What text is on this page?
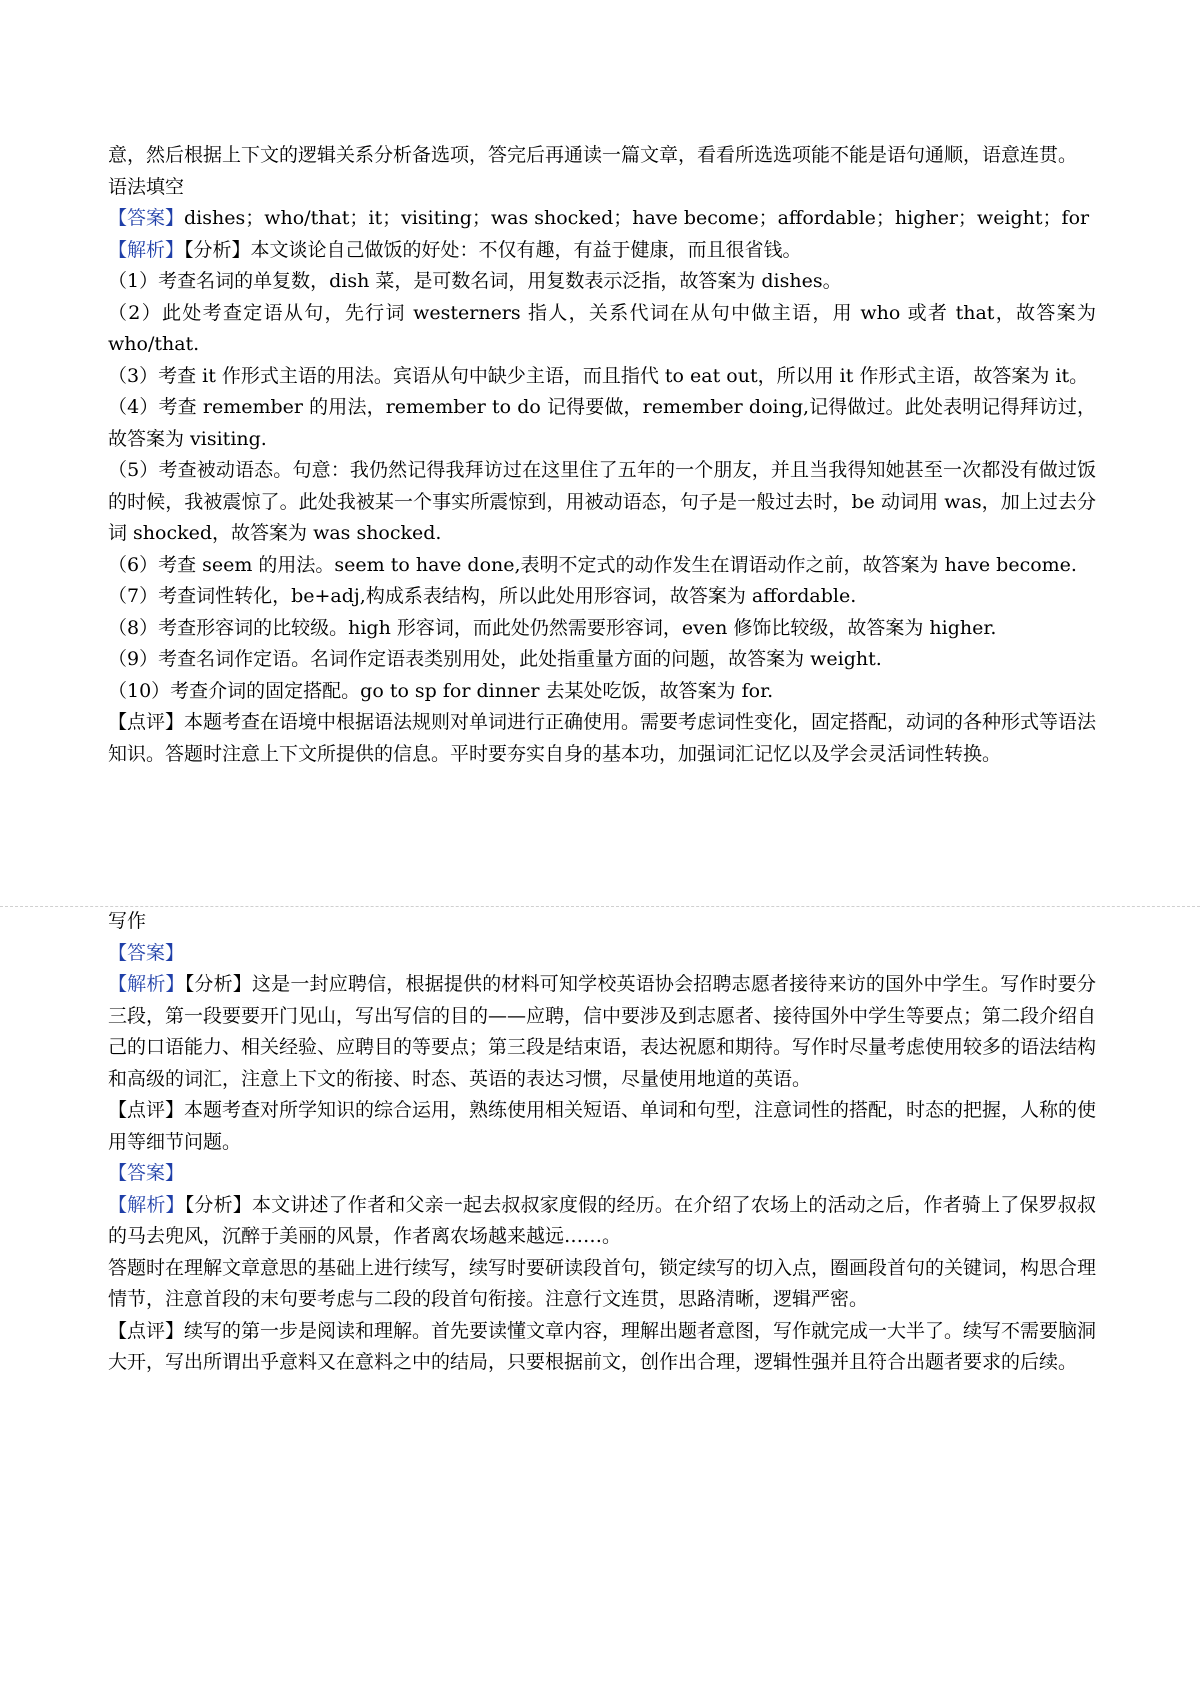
意，然后根据上下文的逻辑关系分析备选项，答完后再通读一篇文章，看看所选选项能不能是语句通顺，语意连贯。

语法填空

【答案】dishes；who/that；it；visiting；was shocked；have become；affordable；higher；weight；for

【解析】【分析】本文谈论自己做饭的好处：不仅有趣，有益于健康，而且很省钱。

（1）考查名词的单复数，dish 菜，是可数名词，用复数表示泛指，故答案为 dishes。

（2）此处考查定语从句，先行词 westerners 指人，关系代词在从句中做主语，用 who 或者 that，故答案为 who/that.

（3）考查 it 作形式主语的用法。宾语从句中缺少主语，而且指代 to eat out，所以用 it 作形式主语，故答案为 it。

（4）考查 remember 的用法，remember to do 记得要做，remember doing,记得做过。此处表明记得拜访过，故答案为 visiting.

（5）考查被动语态。句意：我仍然记得我拜访过在这里住了五年的一个朋友，并且当我得知她甚至一次都没有做过饭的时候，我被震惊了。此处我被某一个事实所震惊到，用被动语态，句子是一般过去时，be 动词用 was，加上过去分词 shocked，故答案为 was shocked.

（6）考查 seem 的用法。seem to have done,表明不定式的动作发生在谓语动作之前，故答案为 have become.

（7）考查词性转化，be+adj,构成系表结构，所以此处用形容词，故答案为 affordable.

（8）考查形容词的比较级。high 形容词，而此处仍然需要形容词，even 修饰比较级，故答案为 higher.

（9）考查名词作定语。名词作定语表类别用处，此处指重量方面的问题，故答案为 weight.

（10）考查介词的固定搭配。go to sp for dinner 去某处吃饭，故答案为 for.

【点评】本题考查在语境中根据语法规则对单词进行正确使用。需要考虑词性变化，固定搭配，动词的各种形式等语法知识。答题时注意上下文所提供的信息。平时要夯实自身的基本功，加强词汇记忆以及学会灵活词性转换。

写作

【答案】

【解析】【分析】这是一封应聘信，根据提供的材料可知学校英语协会招聘志愿者接待来访的国外中学生。写作时要分三段，第一段要要开门见山，写出写信的目的——应聘，信中要涉及到志愿者、接待国外中学生等要点；第二段介绍自己的口语能力、相关经验、应聘目的等要点；第三段是结束语，表达祝愿和期待。写作时尽量考虑使用较多的语法结构和高级的词汇，注意上下文的衔接、时态、英语的表达习惯，尽量使用地道的英语。

【点评】本题考查对所学知识的综合运用，熟练使用相关短语、单词和句型，注意词性的搭配，时态的把握，人称的使用等细节问题。

【答案】

【解析】【分析】本文讲述了作者和父亲一起去叔叔家度假的经历。在介绍了农场上的活动之后，作者骑上了保罗叔叔的马去兜风，沉醉于美丽的风景，作者离农场越来越远……。

答题时在理解文章意思的基础上进行续写，续写时要研读段首句，锁定续写的切入点，圈画段首句的关键词，构思合理情节，注意首段的末句要考虑与二段的段首句衔接。注意行文连贯，思路清晰，逻辑严密。

【点评】续写的第一步是阅读和理解。首先要读懂文章内容，理解出题者意图，写作就完成一大半了。续写不需要脑洞大开，写出所谓出乎意料又在意料之中的结局，只要根据前文，创作出合理，逻辑性强并且符合出题者要求的后续。
